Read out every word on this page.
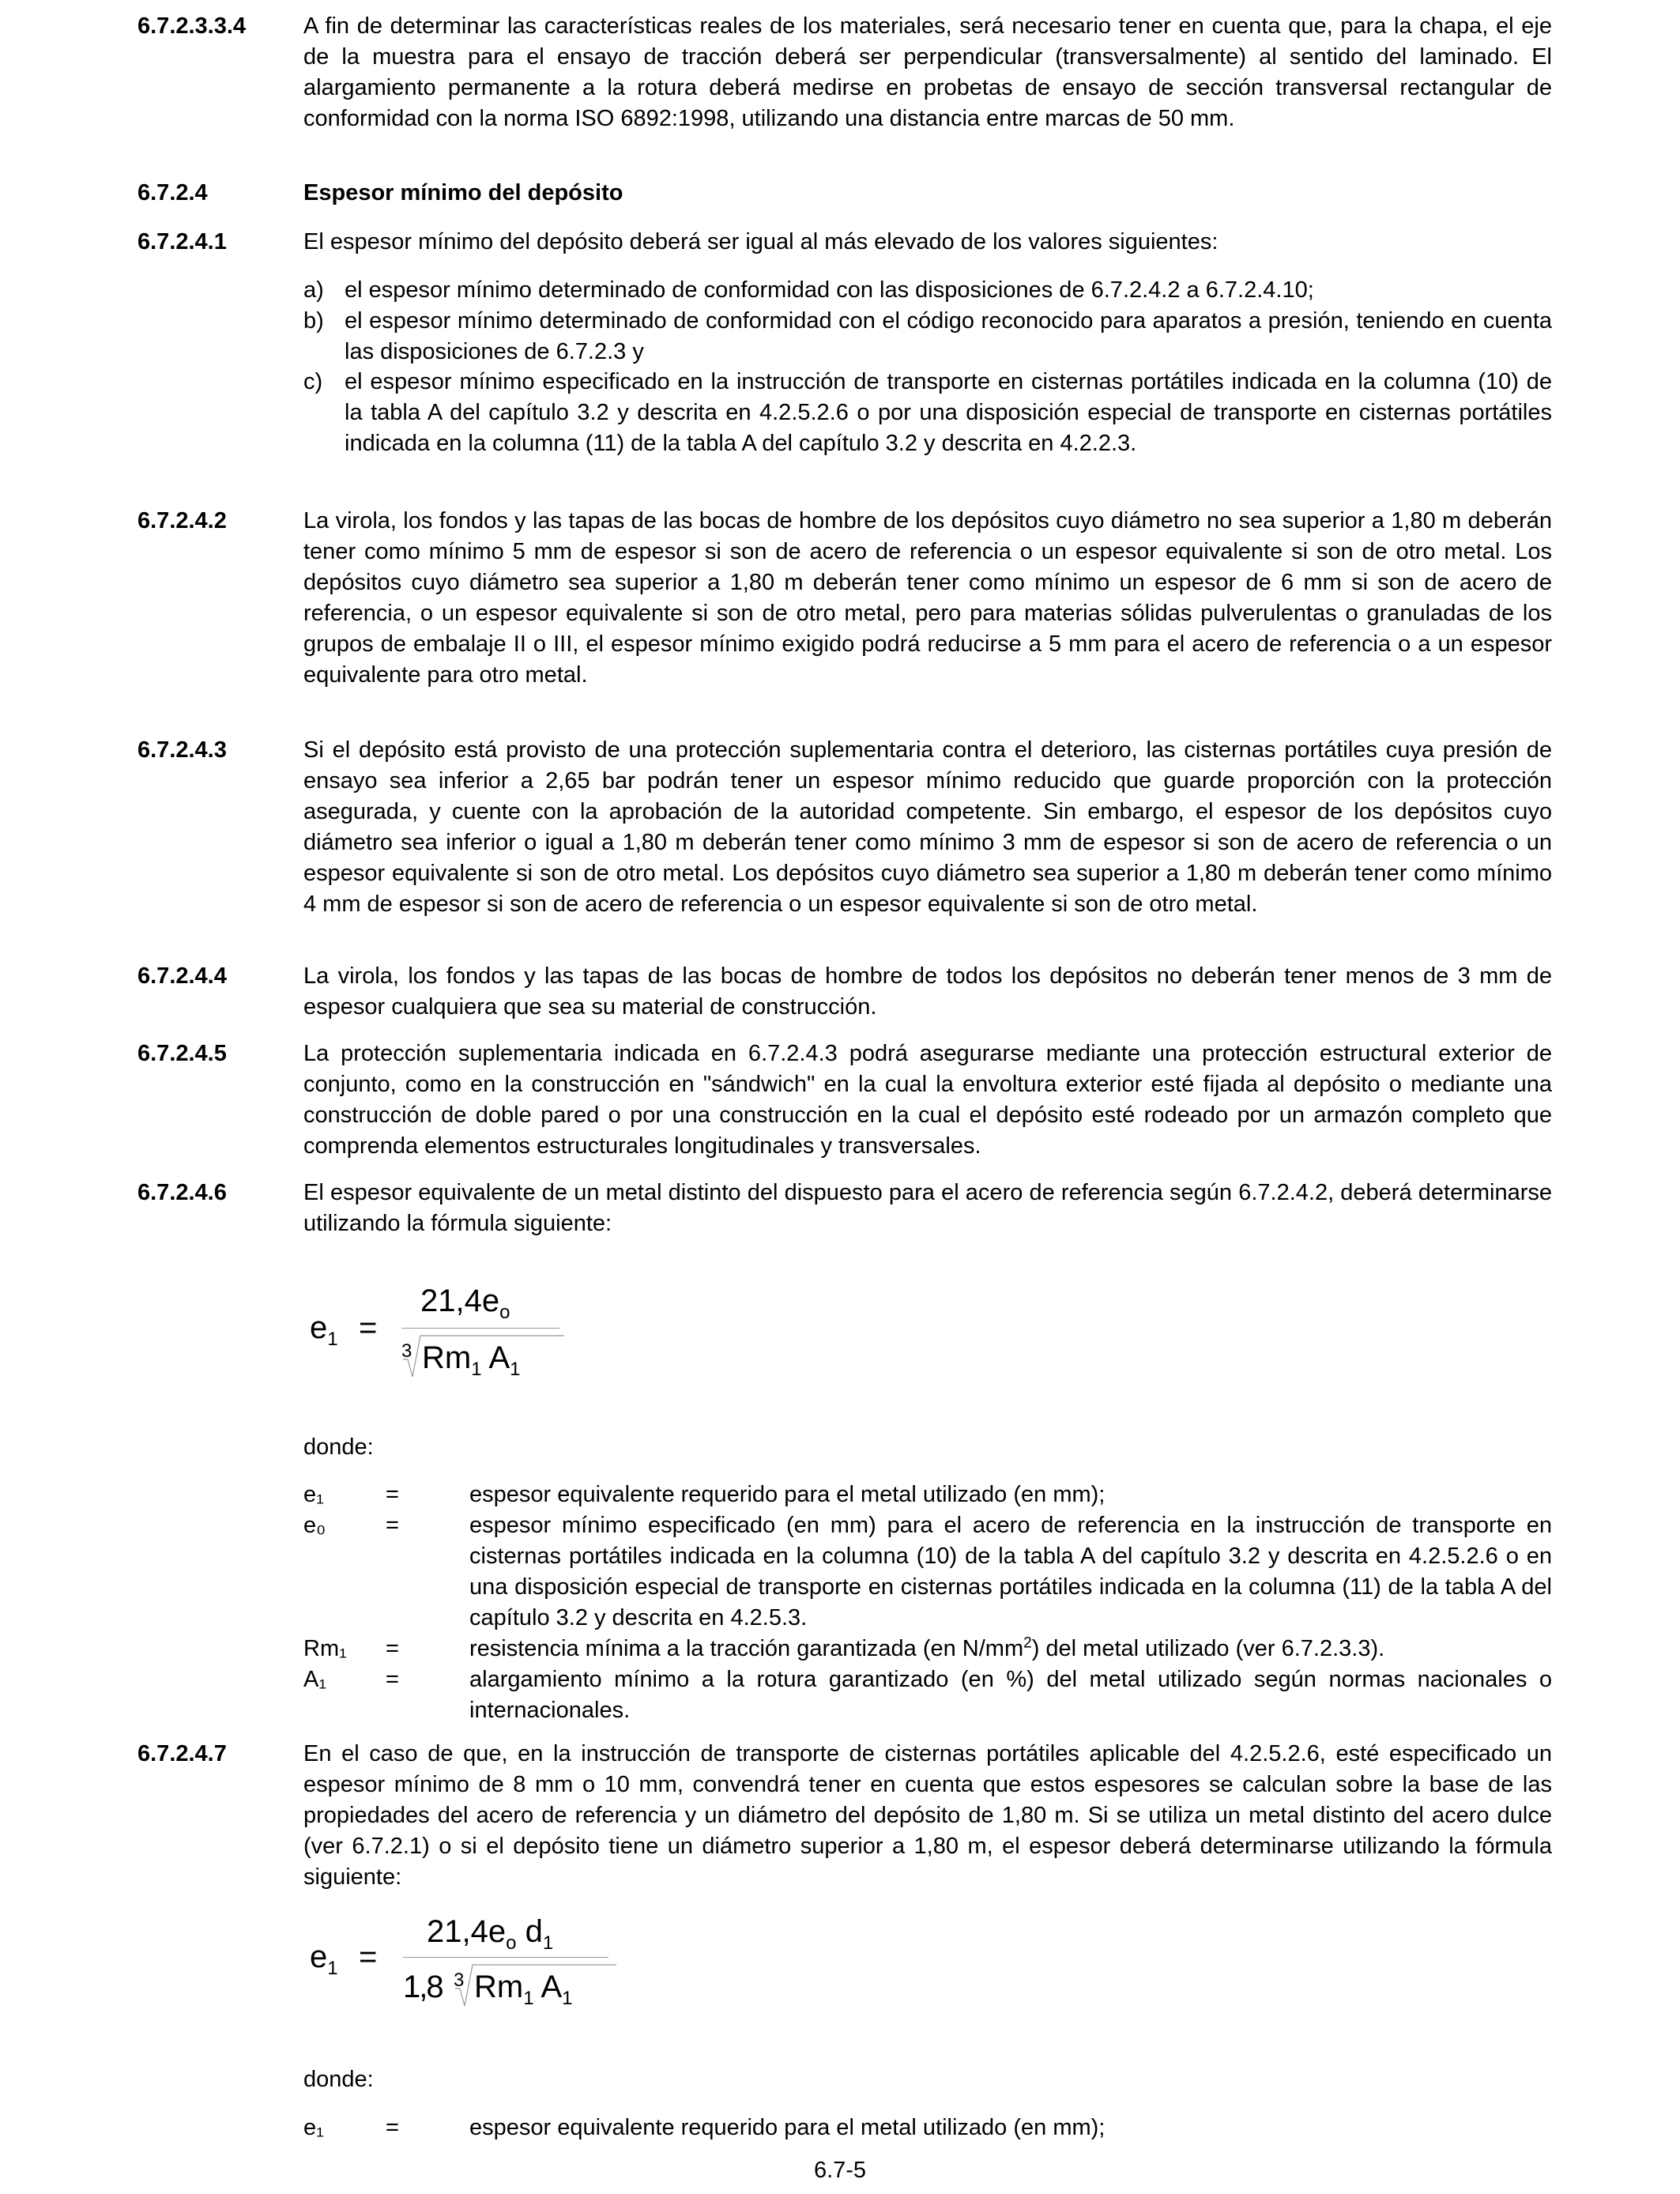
6.7.2.3.3.4	A fin de determinar las características reales de los materiales, será necesario tener en cuenta que, para la chapa, el eje de la muestra para el ensayo de tracción deberá ser perpendicular (transversalmente) al sentido del laminado. El alargamiento permanente a la rotura deberá medirse en probetas de ensayo de sección transversal rectangular de conformidad con la norma ISO 6892:1998, utilizando una distancia entre marcas de 50 mm.
6.7.2.4	Espesor mínimo del depósito
6.7.2.4.1	El espesor mínimo del depósito deberá ser igual al más elevado de los valores siguientes:
a) el espesor mínimo determinado de conformidad con las disposiciones de 6.7.2.4.2 a 6.7.2.4.10;
b) el espesor mínimo determinado de conformidad con el código reconocido para aparatos a presión, teniendo en cuenta las disposiciones de 6.7.2.3 y
c) el espesor mínimo especificado en la instrucción de transporte en cisternas portátiles indicada en la columna (10) de la tabla A del capítulo 3.2 y descrita en 4.2.5.2.6 o por una disposición especial de transporte en cisternas portátiles indicada en la columna (11) de la tabla A del capítulo 3.2 y descrita en 4.2.2.3.
6.7.2.4.2	La virola, los fondos y las tapas de las bocas de hombre de los depósitos cuyo diámetro no sea superior a 1,80 m deberán tener como mínimo 5 mm de espesor si son de acero de referencia o un espesor equivalente si son de otro metal. Los depósitos cuyo diámetro sea superior a 1,80 m deberán tener como mínimo un espesor de 6 mm si son de acero de referencia, o un espesor equivalente si son de otro metal, pero para materias sólidas pulverulentas o granuladas de los grupos de embalaje II o III, el espesor mínimo exigido podrá reducirse a 5 mm para el acero de referencia o a un espesor equivalente para otro metal.
6.7.2.4.3	Si el depósito está provisto de una protección suplementaria contra el deterioro, las cisternas portátiles cuya presión de ensayo sea inferior a 2,65 bar podrán tener un espesor mínimo reducido que guarde proporción con la protección asegurada, y cuente con la aprobación de la autoridad competente. Sin embargo, el espesor de los depósitos cuyo diámetro sea inferior o igual a 1,80 m deberán tener como mínimo 3 mm de espesor si son de acero de referencia o un espesor equivalente si son de otro metal. Los depósitos cuyo diámetro sea superior a 1,80 m deberán tener como mínimo 4 mm de espesor si son de acero de referencia o un espesor equivalente si son de otro metal.
6.7.2.4.4	La virola, los fondos y las tapas de las bocas de hombre de todos los depósitos no deberán tener menos de 3 mm de espesor cualquiera que sea su material de construcción.
6.7.2.4.5	La protección suplementaria indicada en 6.7.2.4.3 podrá asegurarse mediante una protección estructural exterior de conjunto, como en la construcción en "sándwich" en la cual la envoltura exterior esté fijada al depósito o mediante una construcción de doble pared o por una construcción en la cual el depósito esté rodeado por un armazón completo que comprenda elementos estructurales longitudinales y transversales.
6.7.2.4.6	El espesor equivalente de un metal distinto del dispuesto para el acero de referencia según 6.7.2.4.2, deberá determinarse utilizando la fórmula siguiente:
$e_1$ =
$21,4e_o$
3 $Rm_1$ $A_1$
donde:
e₁	=	espesor equivalente requerido para el metal utilizado (en mm);
e₀	=	espesor mínimo especificado (en mm) para el acero de referencia en la instrucción de transporte en cisternas portátiles indicada en la columna (10) de la tabla A del capítulo 3.2 y descrita en 4.2.5.2.6 o en una disposición especial de transporte en cisternas portátiles indicada en la columna (11) de la tabla A del capítulo 3.2 y descrita en 4.2.5.3.
Rm₁ =	resistencia mínima a la tracción garantizada (en $N/mm^2$) del metal utilizado (ver 6.7.2.3.3).
A₁	=	alargamiento mínimo a la rotura garantizado (en %) del metal utilizado según normas nacionales o internacionales.
6.7.2.4.7	En el caso de que, en la instrucción de transporte de cisternas portátiles aplicable del 4.2.5.2.6, esté especificado un espesor mínimo de 8 mm o 10 mm, convendrá tener en cuenta que estos espesores se calculan sobre la base de las propiedades del acero de referencia y un diámetro del depósito de 1,80 m. Si se utiliza un metal distinto del acero dulce (ver 6.7.2.1) o si el depósito tiene un diámetro superior a 1,80 m, el espesor deberá determinarse utilizando la fórmula siguiente:
$e_1$ =
$21,4e_o$ $d_1$
1,8 3 $Rm_1$ $A_1$
donde:
e₁	=	espesor equivalente requerido para el metal utilizado (en mm);
6.7-5
